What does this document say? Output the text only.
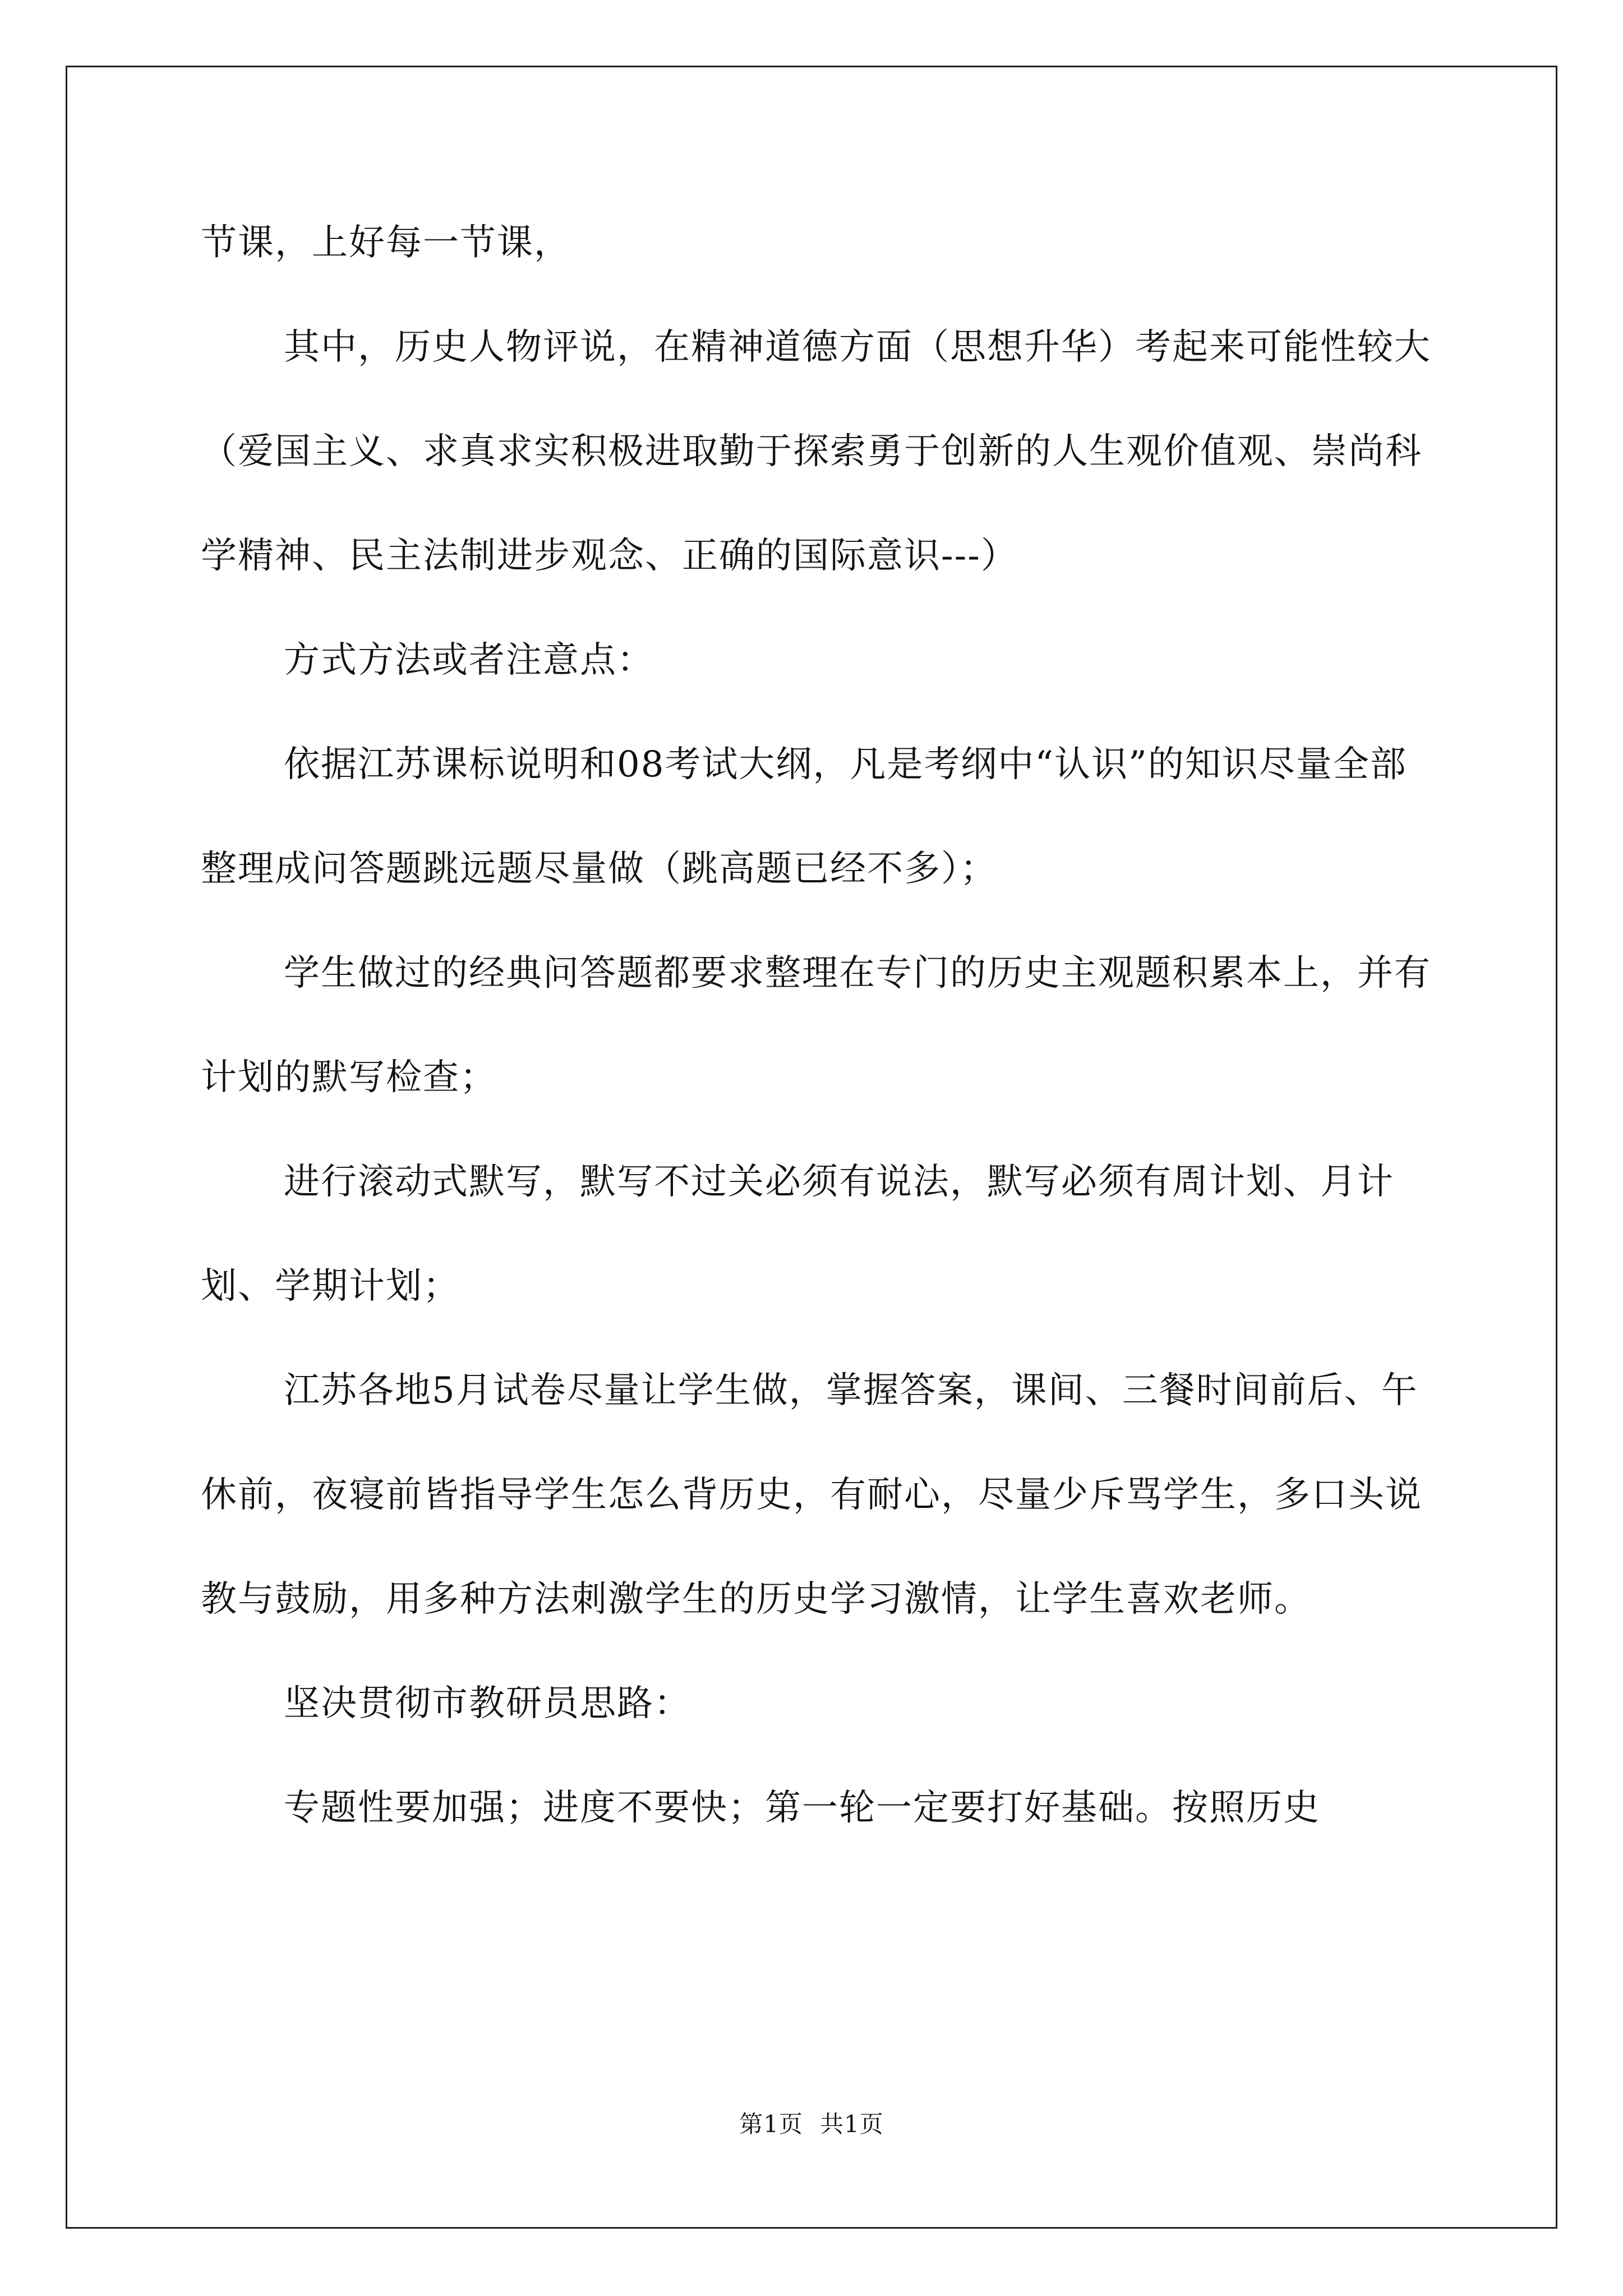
节课，上好每一节课，

其中，历史人物评说，在精神道德方面（思想升华）考起来可能性较大（爱国主义、求真求实积极进取勤于探索勇于创新的人生观价值观、崇尚科学精神、民主法制进步观念、正确的国际意识---）

方式方法或者注意点：

依据江苏课标说明和08考试大纲，凡是考纲中“认识”的知识尽量全部整理成问答题跳远题尽量做（跳高题已经不多）；

学生做过的经典问答题都要求整理在专门的历史主观题积累本上，并有计划的默写检查；

进行滚动式默写，默写不过关必须有说法，默写必须有周计划、月计划、学期计划；

江苏各地5月试卷尽量让学生做，掌握答案，课间、三餐时间前后、午休前，夜寝前皆指导学生怎么背历史，有耐心，尽量少斥骂学生，多口头说教与鼓励，用多种方法刺激学生的历史学习激情，让学生喜欢老师。

坚决贯彻市教研员思路：

专题性要加强；进度不要快；第一轮一定要打好基础。按照历史

第1页 共1页
